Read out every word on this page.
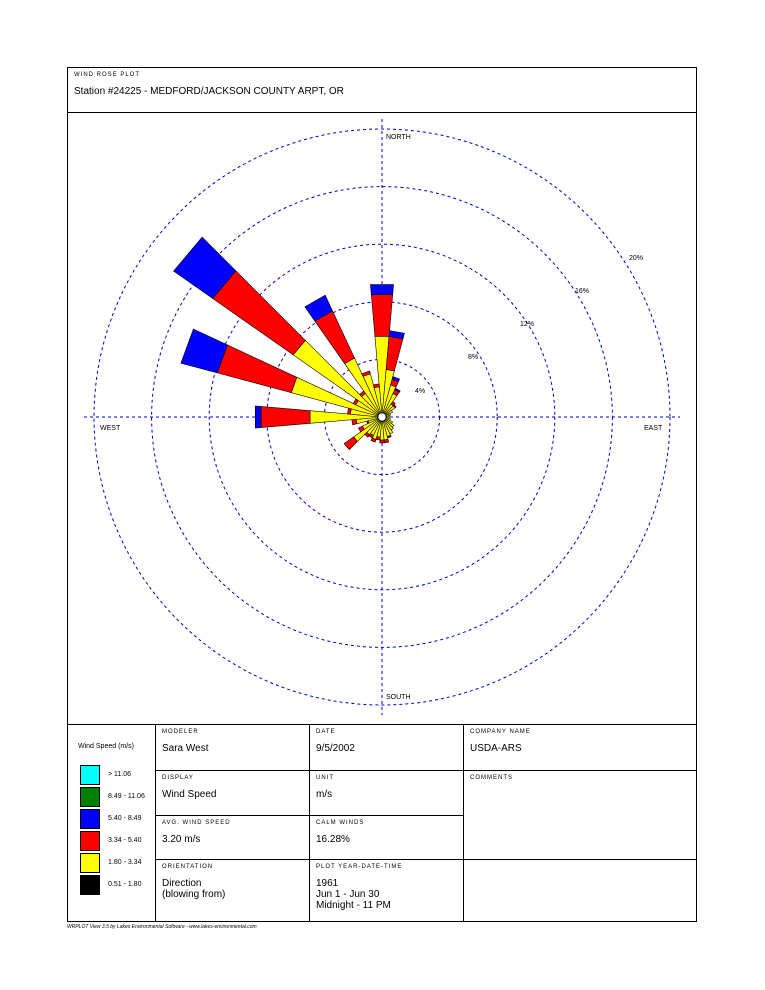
WIND ROSE PLOT
Station #24225 - MEDFORD/JACKSON COUNTY ARPT, OR
4%
8%
12%
16%
20%
NORTH
EAST
SOUTH
WEST
Wind Speed (m/s)
> 11.06
8.49 - 11.06
5.40 - 8.49
3.34 - 5.40
1.80 - 3.34
0.51 - 1.80
MODELER
Sara West
DATE
9/5/2002
COMPANY NAME
USDA-ARS
DISPLAY
Wind Speed
UNIT
m/s
COMMENTS
AVG. WIND SPEED
3.20 m/s
CALM WINDS
16.28%
ORIENTATION
Direction
(blowing from)
PLOT YEAR-DATE-TIME
1961
Jun 1 - Jun 30
Midnight - 11 PM
WRPLOT View 3.5 by Lakes Environmental Software - www.lakes-environmental.com
